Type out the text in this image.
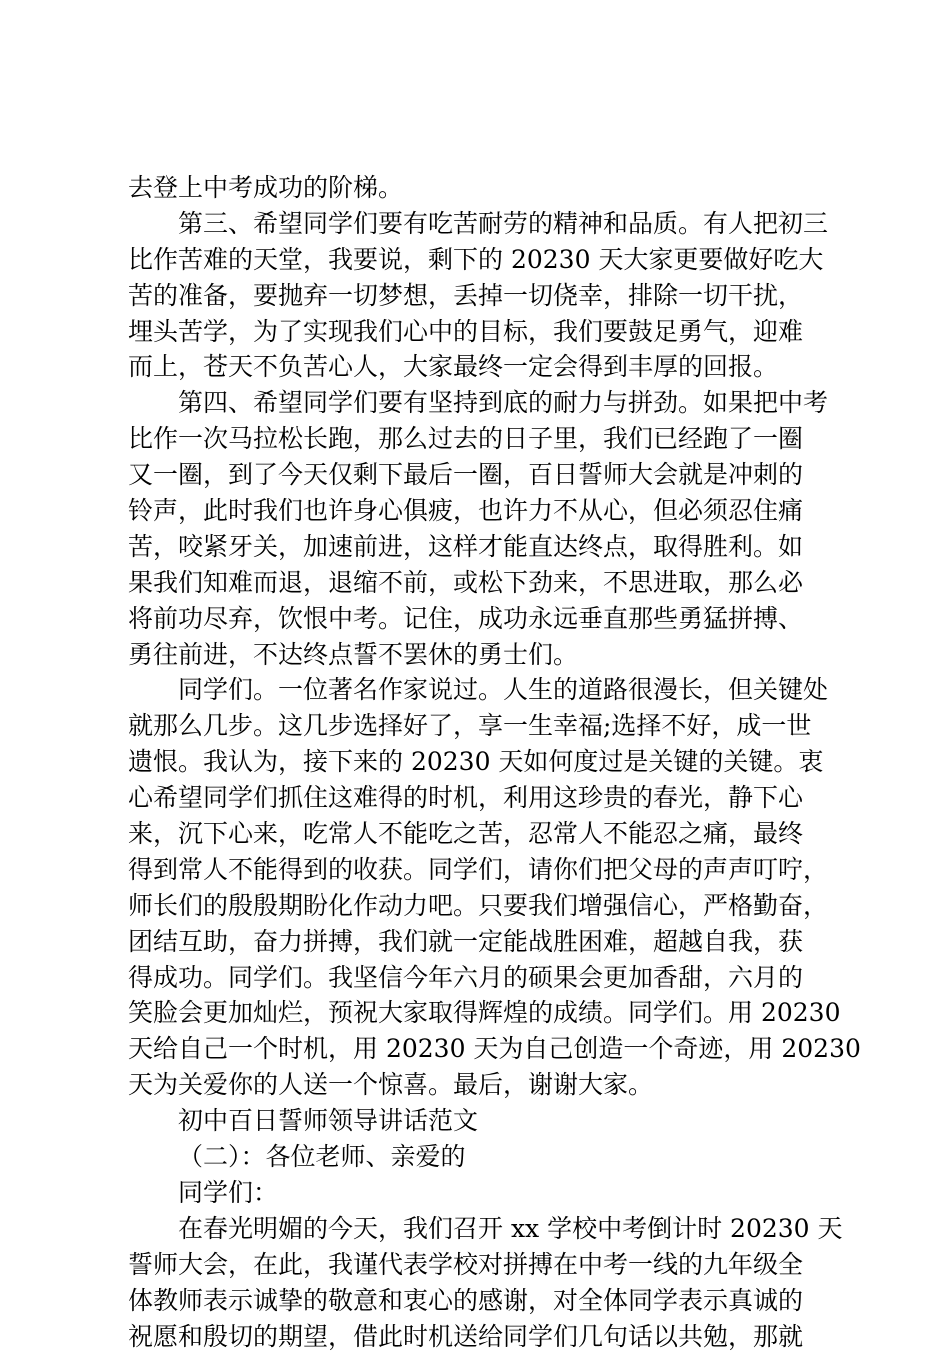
去登上中考成功的阶梯。
第三、希望同学们要有吃苦耐劳的精神和品质。有人把初三
比作苦难的天堂，我要说，剩下的 20230 天大家更要做好吃大
苦的准备，要抛弃一切梦想，丢掉一切侥幸，排除一切干扰，
埋头苦学，为了实现我们心中的目标，我们要鼓足勇气，迎难
而上，苍天不负苦心人，大家最终一定会得到丰厚的回报。
第四、希望同学们要有坚持到底的耐力与拼劲。如果把中考
比作一次马拉松长跑，那么过去的日子里，我们已经跑了一圈
又一圈，到了今天仅剩下最后一圈，百日誓师大会就是冲刺的
铃声，此时我们也许身心俱疲，也许力不从心，但必须忍住痛
苦，咬紧牙关，加速前进，这样才能直达终点，取得胜利。如
果我们知难而退，退缩不前，或松下劲来，不思进取，那么必
将前功尽弃，饮恨中考。记住，成功永远垂直那些勇猛拼搏、
勇往前进，不达终点誓不罢休的勇士们。
同学们。一位著名作家说过。人生的道路很漫长，但关键处
就那么几步。这几步选择好了，享一生幸福;选择不好，成一世
遗恨。我认为，接下来的 20230 天如何度过是关键的关键。衷
心希望同学们抓住这难得的时机，利用这珍贵的春光，静下心
来，沉下心来，吃常人不能吃之苦，忍常人不能忍之痛，最终
得到常人不能得到的收获。同学们，请你们把父母的声声叮咛，
师长们的殷殷期盼化作动力吧。只要我们增强信心，严格勤奋，
团结互助，奋力拼搏，我们就一定能战胜困难，超越自我，获
得成功。同学们。我坚信今年六月的硕果会更加香甜，六月的
笑脸会更加灿烂，预祝大家取得辉煌的成绩。同学们。用 20230
天给自己一个时机，用 20230 天为自己创造一个奇迹，用 20230
天为关爱你的人送一个惊喜。最后，谢谢大家。
初中百日誓师领导讲话范文
（二）：各位老师、亲爱的
同学们：
在春光明媚的今天，我们召开 xx 学校中考倒计时 20230 天
誓师大会，在此，我谨代表学校对拼搏在中考一线的九年级全
体教师表示诚挚的敬意和衷心的感谢，对全体同学表示真诚的
祝愿和殷切的期望，借此时机送给同学们几句话以共勉，那就
